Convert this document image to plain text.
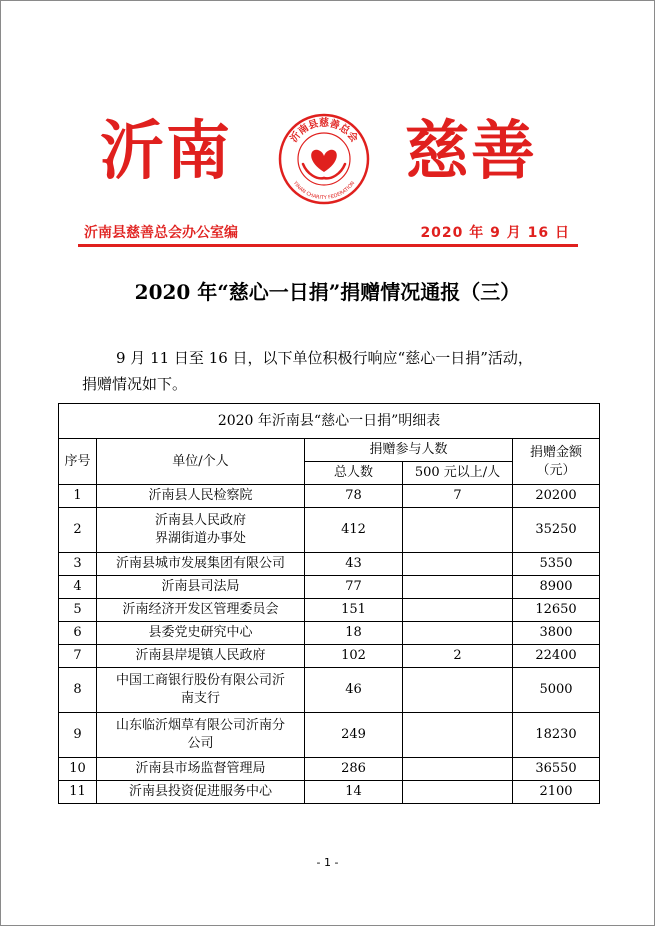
沂南	沂南县慈善总会
YINAN CHARITY FEDERATION 慈善
沂南县慈善总会办公室编	2020 年 9 月 16 日
2020 年“慈心一日捐”捐赠情况通报（三）
9 月 11 日至 16 日，以下单位积极行响应“慈心一日捐”活动，
捐赠情况如下。
2020 年沂南县“慈心一日捐”明细表				
序号	单位/个人	捐赠参与人数		捐赠金额
（元）

		总人数	500 元以上/人	
1	沂南县人民检察院	78	7	20200
2	沂南县人民政府
界湖街道办事处	412		35250
3	沂南县城市发展集团有限公司	43		5350
4	沂南县司法局	77		8900
5	沂南经济开发区管理委员会	151		12650
6	县委党史研究中心	18		3800
7	沂南县岸堤镇人民政府	102	2	22400
8	中国工商银行股份有限公司沂
南支行	46		5000
9	山东临沂烟草有限公司沂南分
公司	249		18230
10	沂南县市场监督管理局	286		36550
11	沂南县投资促进服务中心	14		2100
- 1 -
